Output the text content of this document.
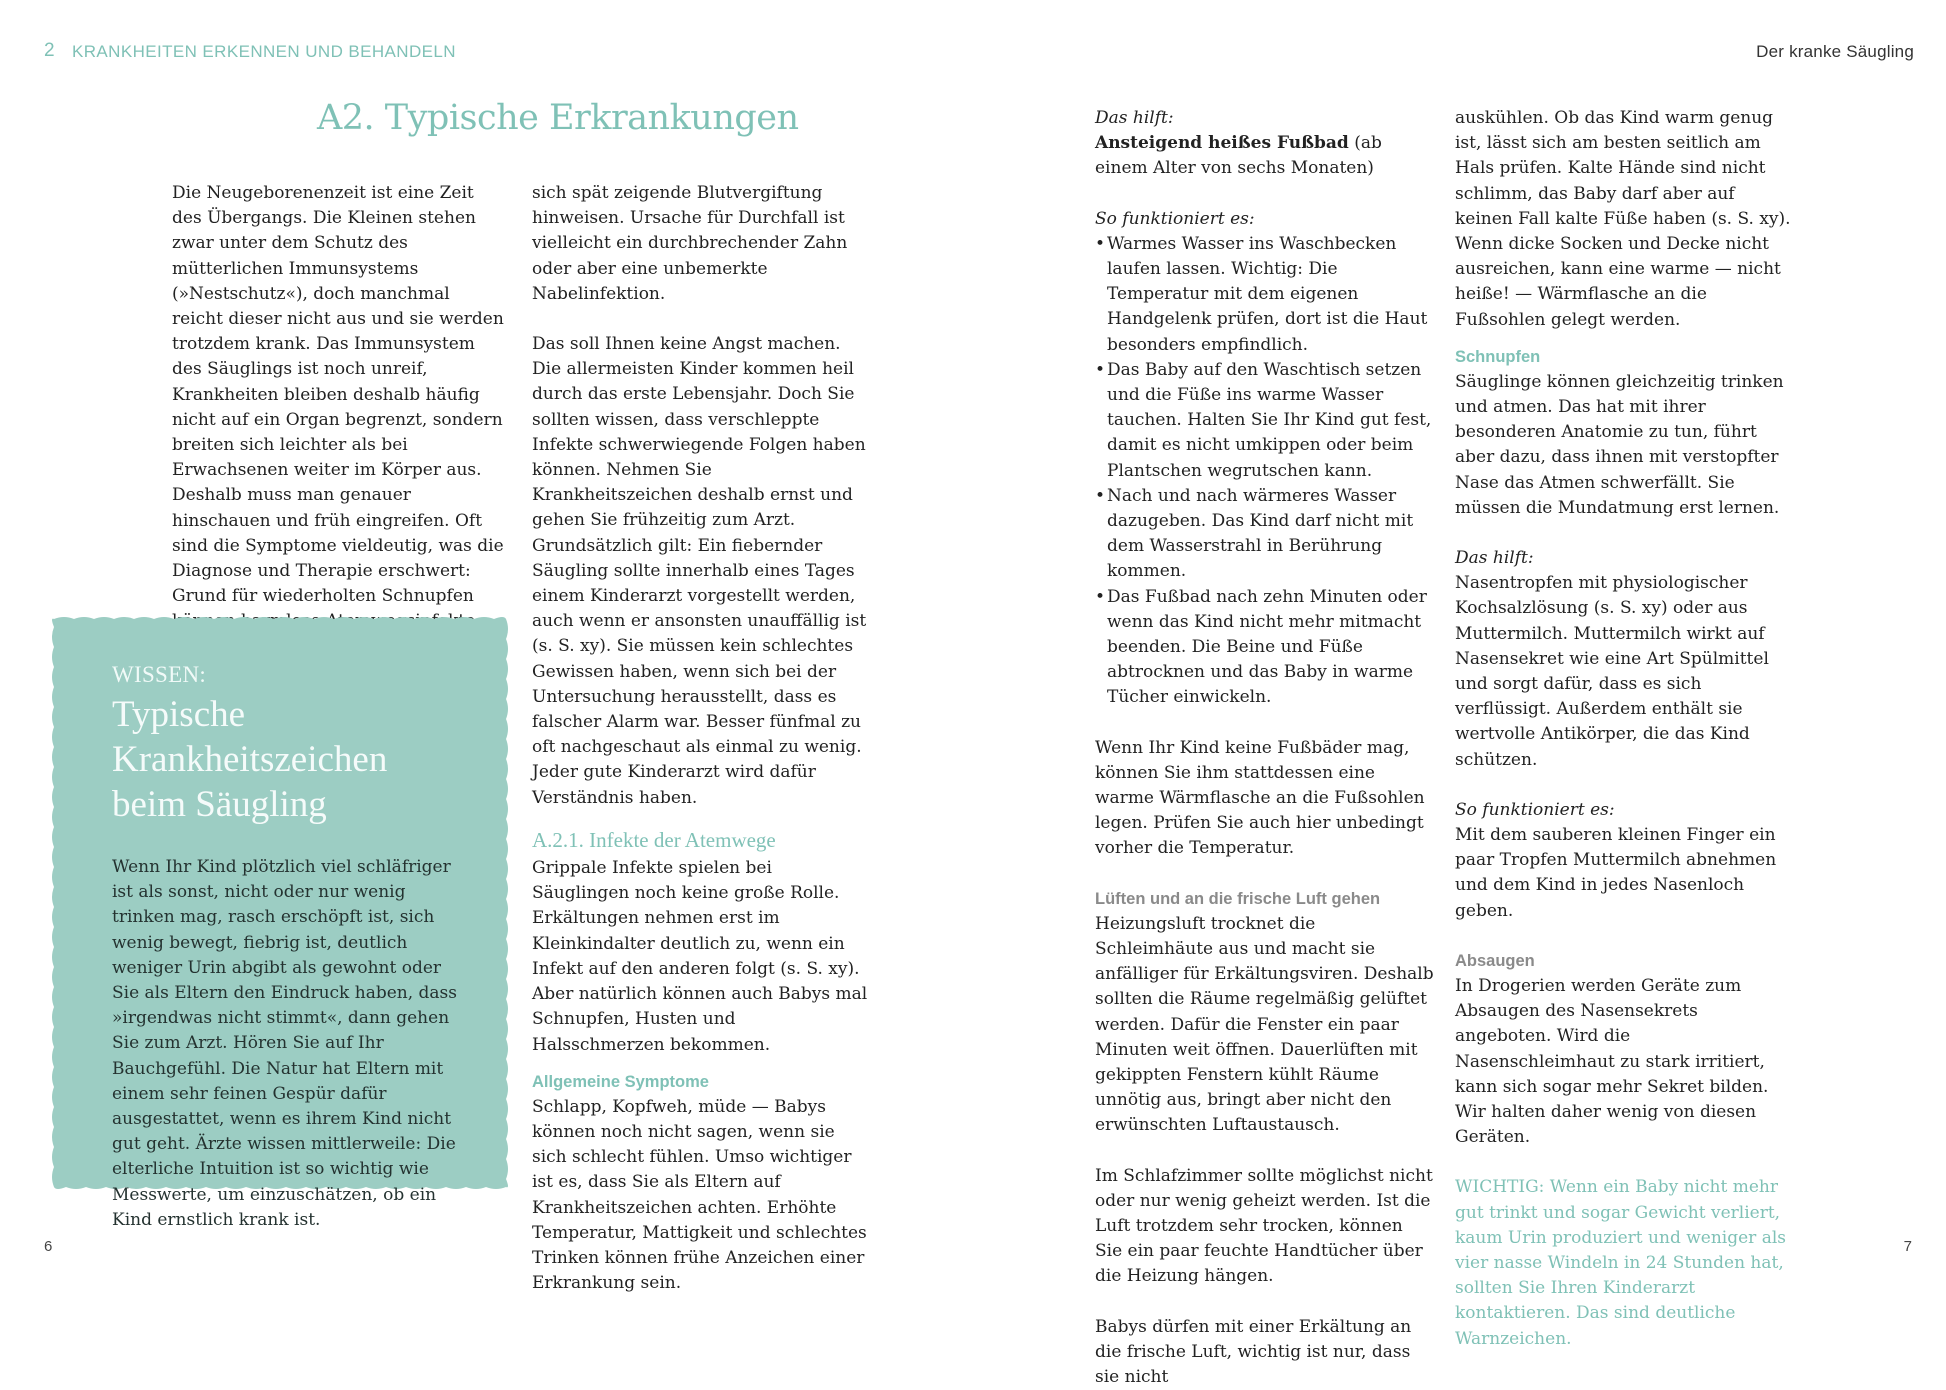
2 KRANKHEITEN ERKENNEN UND BEHANDELN	Der kranke Säugling
A2. Typische Erkrankungen

Die Neugeborenenzeit ist eine Zeit des Übergangs. Die Kleinen stehen zwar unter dem Schutz des mütterlichen Immunsystems (»Nestschutz«), doch manchmal reicht dieser nicht aus und sie werden trotzdem krank. Das Immunsystem des Säuglings ist noch unreif, Krankheiten bleiben deshalb häufig nicht auf ein Organ begrenzt, sondern breiten sich leichter als bei Erwachsenen weiter im Körper aus. Deshalb muss man genauer hinschauen und früh eingreifen. Oft sind die Symptome vieldeutig, was die Diagnose und Therapie erschwert: Grund für wiederholten Schnupfen

WISSEN:
Typische Krankheitszeichen beim Säugling
Wenn Ihr Kind plötzlich viel schläfriger ist als sonst, nicht oder nur wenig trinken mag, rasch erschöpft ist, sich wenig bewegt, fiebrig ist, deutlich weniger Urin abgibt als gewohnt oder Sie als Eltern den Eindruck haben, dass »irgendwas nicht stimmt«, dann gehen Sie zum Arzt. Hören Sie auf Ihr Bauchgefühl. Die Natur hat Eltern mit einem sehr feinen Gespür dafür ausgestattet, wenn es ihrem Kind nicht gut geht. Ärzte wissen mittlerweile: Die elterliche Intuition ist so wichtig wie Messwerte, um einzuschätzen, ob ein Kind ernstlich krank ist.

sich spät zeigende Blutvergiftung hinweisen. Ursache für Durchfall ist vielleicht ein durchbrechender Zahn oder aber eine unbemerkte Nabelinfektion.

Das soll Ihnen keine Angst machen. Die allermeisten Kinder kommen heil durch das erste Lebensjahr. Doch Sie sollten wissen, dass verschleppte Infekte schwerwiegende Folgen haben können. Nehmen Sie Krankheitszeichen deshalb ernst und gehen Sie frühzeitig zum Arzt. Grundsätzlich gilt: Ein fiebernder Säugling sollte innerhalb eines Tages einem Kinderarzt vorgestellt werden, auch wenn er ansonsten unauffällig ist (s. S. xy). Sie müssen kein schlechtes Gewissen haben, wenn sich bei der Untersuchung herausstellt, dass es falscher Alarm war. Besser fünfmal zu oft nachgeschaut als einmal zu wenig. Jeder gute Kinderarzt wird dafür Verständnis haben.

A.2.1. Infekte der Atemwege

Grippale Infekte spielen bei Säuglingen noch keine große Rolle. Erkältungen nehmen erst im Kleinkindalter deutlich zu, wenn ein Infekt auf den anderen folgt (s. S. xy). Aber natürlich können auch Babys mal Schnupfen, Husten und Halsschmerzen bekommen.

Allgemeine Symptome

Schlapp, Kopfweh, müde — Babys können noch nicht sagen, wenn sie sich schlecht fühlen. Umso wichtiger ist es, dass Sie als Eltern auf Krankheitszeichen achten. Erhöhte Temperatur, Mattigkeit und schlechtes Trinken können frühe Anzeichen einer Erkrankung sein.

Das hilft:

Ansteigend heißes Fußbad (ab einem Alter von sechs Monaten)

So funktioniert es:

• Warmes Wasser ins Waschbecken laufen lassen. Wichtig: Die Temperatur mit dem eigenen Handgelenk prüfen, dort ist die Haut besonders empfindlich.
• Das Baby auf den Waschtisch setzen und die Füße ins warme Wasser tauchen. Halten Sie Ihr Kind gut fest, damit es nicht umkippen oder beim Plantschen wegrutschen kann.
• Nach und nach wärmeres Wasser dazugeben. Das Kind darf nicht mit dem Wasserstrahl in Berührung kommen.
• Das Fußbad nach zehn Minuten oder wenn das Kind nicht mehr mitmacht beenden. Die Beine und Füße abtrocknen und das Baby in warme Tücher einwickeln.

Wenn Ihr Kind keine Fußbäder mag, können Sie ihm stattdessen eine warme Wärmflasche an die Fußsohlen legen. Prüfen Sie auch hier unbedingt vorher die Temperatur.

Lüften und an die frische Luft gehen

Heizungsluft trocknet die Schleimhäute aus und macht sie anfälliger für Erkältungsviren. Deshalb sollten die Räume regelmäßig gelüftet werden. Dafür die Fenster ein paar Minuten weit öffnen. Dauerlüften mit gekippten Fenstern kühlt Räume unnötig aus, bringt aber nicht den erwünschten Luftaustausch.

Im Schlafzimmer sollte möglichst nicht oder nur wenig geheizt werden. Ist die Luft trotzdem sehr trocken, können Sie ein paar feuchte Handtücher über die Heizung hängen.

Babys dürfen mit einer Erkältung an die frische Luft, wichtig ist nur, dass sie nicht

auskühlen. Ob das Kind warm genug ist, lässt sich am besten seitlich am Hals prüfen. Kalte Hände sind nicht schlimm, das Baby darf aber auf keinen Fall kalte Füße haben (s. S. xy). Wenn dicke Socken und Decke nicht ausreichen, kann eine warme — nicht heiße! — Wärmflasche an die Fußsohlen gelegt werden.

Schnupfen

Säuglinge können gleichzeitig trinken und atmen. Das hat mit ihrer besonderen Anatomie zu tun, führt aber dazu, dass ihnen mit verstopfter Nase das Atmen schwerfällt. Sie müssen die Mundatmung erst lernen.

Das hilft:

Nasentropfen mit physiologischer Kochsalzlösung (s. S. xy) oder aus Muttermilch. Muttermilch wirkt auf Nasensekret wie eine Art Spülmittel und sorgt dafür, dass es sich verflüssigt. Außerdem enthält sie wertvolle Antikörper, die das Kind schützen.

So funktioniert es:

Mit dem sauberen kleinen Finger ein paar Tropfen Muttermilch abnehmen und dem Kind in jedes Nasenloch geben.

Absaugen

In Drogerien werden Geräte zum Absaugen des Nasensekrets angeboten. Wird die Nasenschleimhaut zu stark irritiert, kann sich sogar mehr Sekret bilden. Wir halten daher wenig von diesen Geräten.

WICHTIG: Wenn ein Baby nicht mehr gut trinkt und sogar Gewicht verliert, kaum Urin produziert und weniger als vier nasse Windeln in 24 Stunden hat, sollten Sie Ihren Kinderarzt kontaktieren. Das sind deutliche Warnzeichen.

6	7
